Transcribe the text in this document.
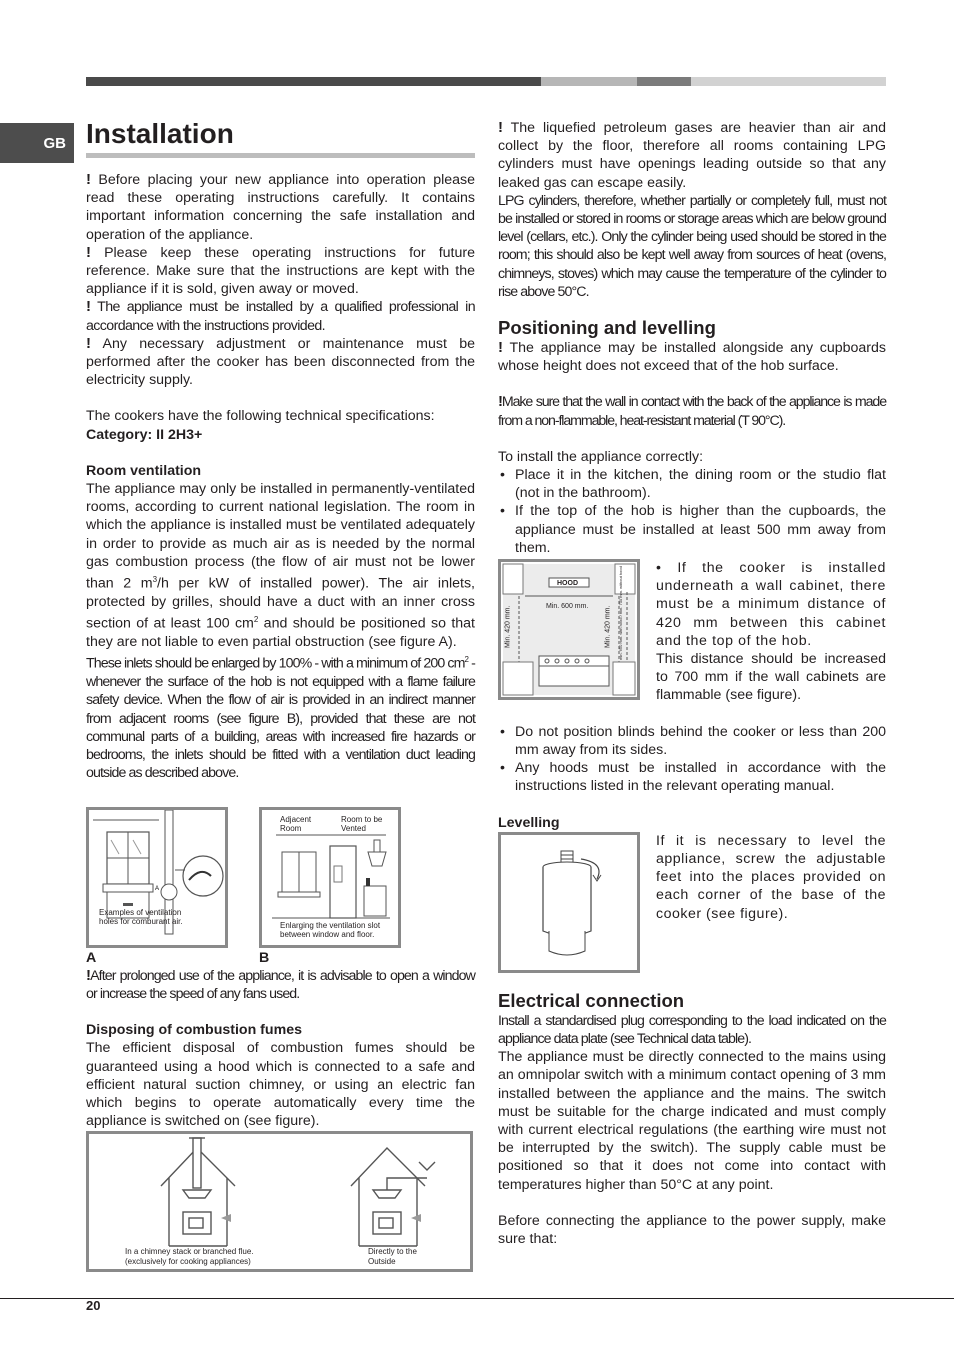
GB Installation

! Before placing your new appliance into operation please read these operating instructions carefully. It contains important information concerning the safe installation and operation of the appliance.

! Please keep these operating instructions for future reference. Make sure that the instructions are kept with the appliance if it is sold, given away or moved.

! The appliance must be installed by a qualified professional in accordance with the instructions provided.

! Any necessary adjustment or maintenance must be performed after the cooker has been disconnected from the electricity supply.

The cookers have the following technical specifications:

Category: II 2H3+

Room ventilation

The appliance may only be installed in permanently-ventilated rooms, according to current national legislation. The room in which the appliance is installed must be ventilated adequately in order to provide as much air as is needed by the normal gas combustion process (the flow of air must not be lower than 2 $m^3/h$ per kW of installed power). The air inlets, protected by grilles, should have a duct with an inner cross section of at least 100 $cm^2$ and should be positioned so that they are not liable to even partial obstruction (see figure A).

These inlets should be enlarged by 100% - with a minimum of 200 $cm^2$ - whenever the surface of the hob is not equipped with a flame failure safety device. When the flow of air is provided in an indirect manner from adjacent rooms (see figure B), provided that these are not communal parts of a building, areas with increased fire hazards or bedrooms, the inlets should be fitted with a ventilation duct leading outside as described above.

A
Examples of ventilation holes for comburant air.
Adjacent Room
Room to be Vented
Enlarging the ventilation slot between window and floor.
A	B

!After prolonged use of the appliance, it is advisable to open a window or increase the speed of any fans used.

Disposing of combustion fumes

The efficient disposal of combustion fumes should be guaranteed using a hood which is connected to a safe and efficient natural suction chimney, or using an electric fan which begins to operate automatically every time the appliance is switched on (see figure).

In a chimney stack or branched flue. (exclusively for cooking appliances)
Directly to the Outside

! The liquefied petroleum gases are heavier than air and collect by the floor, therefore all rooms containing LPG cylinders must have openings leading outside so that any leaked gas can escape easily.

LPG cylinders, therefore, whether partially or completely full, must not be installed or stored in rooms or storage areas which are below ground level (cellars, etc.). Only the cylinder being used should be stored in the room; this should also be kept well away from sources of heat (ovens, chimneys, stoves) which may cause the temperature of the cylinder to rise above 50°C.

Positioning and levelling

! The appliance may be installed alongside any cupboards whose height does not exceed that of the hob surface.

!Make sure that the wall in contact with the back of the appliance is made from a non-flammable, heat-resistant material (T 90°C).

To install the appliance correctly:

• Place it in the kitchen, the dining room or the studio flat (not in the bathroom).
• If the top of the hob is higher than the cupboards, the appliance must be installed at least 500 mm away from them.
HOOD
Min. 600 mm.
Min. 420 mm.	Min. 420 mm.	min. 650 mm. with hood / min. 700 mm. without hood • If the cooker is installed underneath a wall cabinet, there must be a minimum distance of 420 mm between this cabinet and the top of the hob.

This distance should be increased to 700 mm if the wall cabinets are flammable (see figure).

• Do not position blinds behind the cooker or less than 200 mm away from its sides.
• Any hoods must be installed in accordance with the instructions listed in the relevant operating manual.
Levelling

If it is necessary to level the appliance, screw the adjustable feet into the places provided on each corner of the base of the cooker (see figure).

Electrical connection

Install a standardised plug corresponding to the load indicated on the appliance data plate (see Technical data table).

The appliance must be directly connected to the mains using an omnipolar switch with a minimum contact opening of 3 mm installed between the appliance and the mains. The switch must be suitable for the charge indicated and must comply with current electrical regulations (the earthing wire must not be interrupted by the switch). The supply cable must be positioned so that it does not come into contact with temperatures higher than 50°C at any point.

Before connecting the appliance to the power supply, make sure that:

20
